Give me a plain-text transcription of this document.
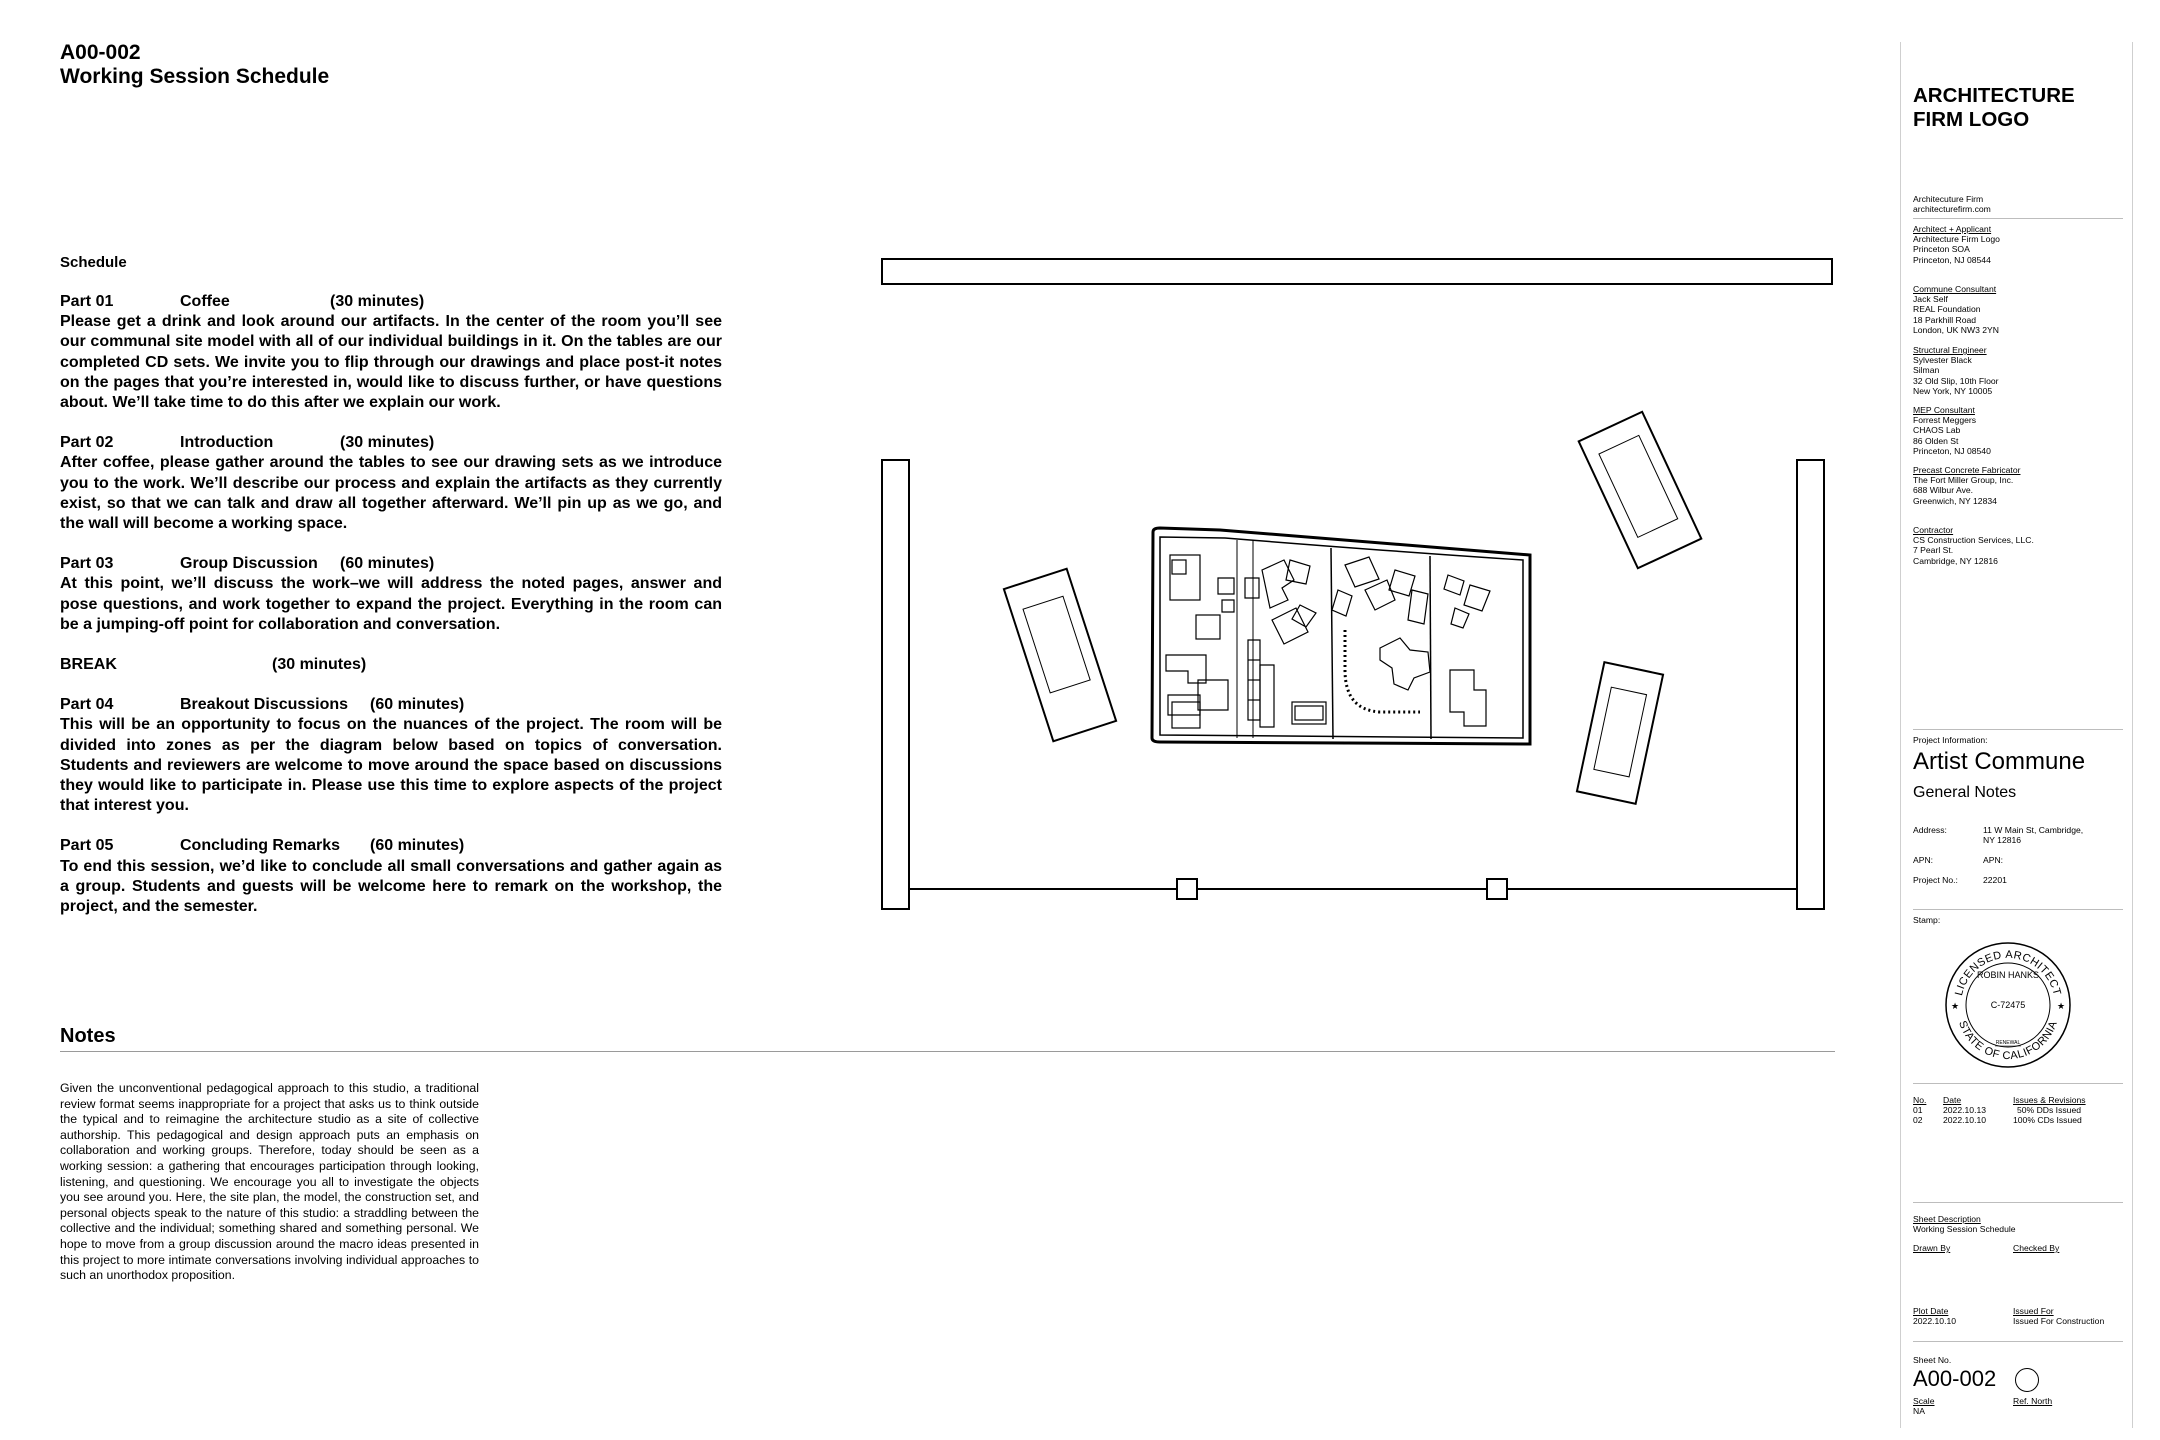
A00-002
Working Session Schedule
Schedule
Part 01	Coffee	(30 minutes)
Please get a drink and look around our artifacts. In the center of the room you’ll see our communal site model with all of our individual buildings in it. On the tables are our completed CD sets. We invite you to flip through our drawings and place post-it notes on the pages that you’re interested in, would like to discuss further, or have questions about. We’ll take time to do this after we explain our work.
Part 02	Introduction	(30 minutes)
After coffee, please gather around the tables to see our drawing sets as we introduce you to the work. We’ll describe our process and explain the artifacts as they currently exist, so that we can talk and draw all together afterward. We’ll pin up as we go, and the wall will become a working space.
Part 03	Group Discussion (60 minutes)
At this point, we’ll discuss the work–we will address the noted pages, answer and pose questions, and work together to expand the project. Everything in the room can be a jumping-off point for collaboration and conversation.
BREAK	(30 minutes)
Part 04	Breakout Discussions (60 minutes)
This will be an opportunity to focus on the nuances of the project. The room will be divided into zones as per the diagram below based on topics of conversation. Students and reviewers are welcome to move around the space based on discussions they would like to participate in. Please use this time to explore aspects of the project that interest you.
Part 05	Concluding Remarks	(60 minutes)
To end this session, we’d like to conclude all small conversations and gather again as a group. Students and guests will be welcome here to remark on the workshop, the project, and the semester.
Notes
Given the unconventional pedagogical approach to this studio, a traditional review format seems inappropriate for a project that asks us to think outside the typical and to reimagine the architecture studio as a site of collective authorship. This pedagogical and design approach puts an emphasis on collaboration and working groups. Therefore, today should be seen as a working session: a gathering that encourages participation through looking, listening, and questioning. We encourage you all to investigate the objects you see around you. Here, the site plan, the model, the construction set, and personal objects speak to the nature of this studio: a straddling between the collective and the individual; something shared and something personal. We hope to move from a group discussion around the macro ideas presented in this project to more intimate conversations involving individual approaches to such an unorthodox proposition.
ARCHITECTURE FIRM LOGO
Architecuture Firm
architecturefirm.com
Architect + Applicant
Architecture Firm Logo
Princeton SOA
Princeton, NJ 08544
Commune Consultant
Jack Self
REAL Foundation
18 Parkhill Road
London, UK NW3 2YN
Structural Engineer
Sylvester Black
Silman
32 Old Slip, 10th Floor
New York, NY 10005
MEP Consultant
Forrest Meggers
CHAOS Lab
86 Olden St
Princeton, NJ 08540
Precast Concrete Fabricator
The Fort Miller Group, Inc.
688 Wilbur Ave.
Greenwich, NY 12834
Contractor
CS Construction Services, LLC.
7 Pearl St.
Cambridge, NY 12816
Project Information:
Artist Commune
General Notes
Address:	11 W Main St, Cambridge, NY 12816
APN:	APN:
Project No.:	22201
Stamp:
LICENSED ARCHITECT
STATE OF CALIFORNIA
ROBIN HANKS
C-72475
RENEWAL
★	★
No.	Date	Issues & Revisions
01	2022.10.13	50% DDs Issued
02	2022.10.10	100% CDs Issued
Sheet Description
Working Session Schedule
Drawn By	Checked By
Plot Date	Issued For
2022.10.10	Issued For Construction
Sheet No.
A00-002
Scale	Ref. North
NA
